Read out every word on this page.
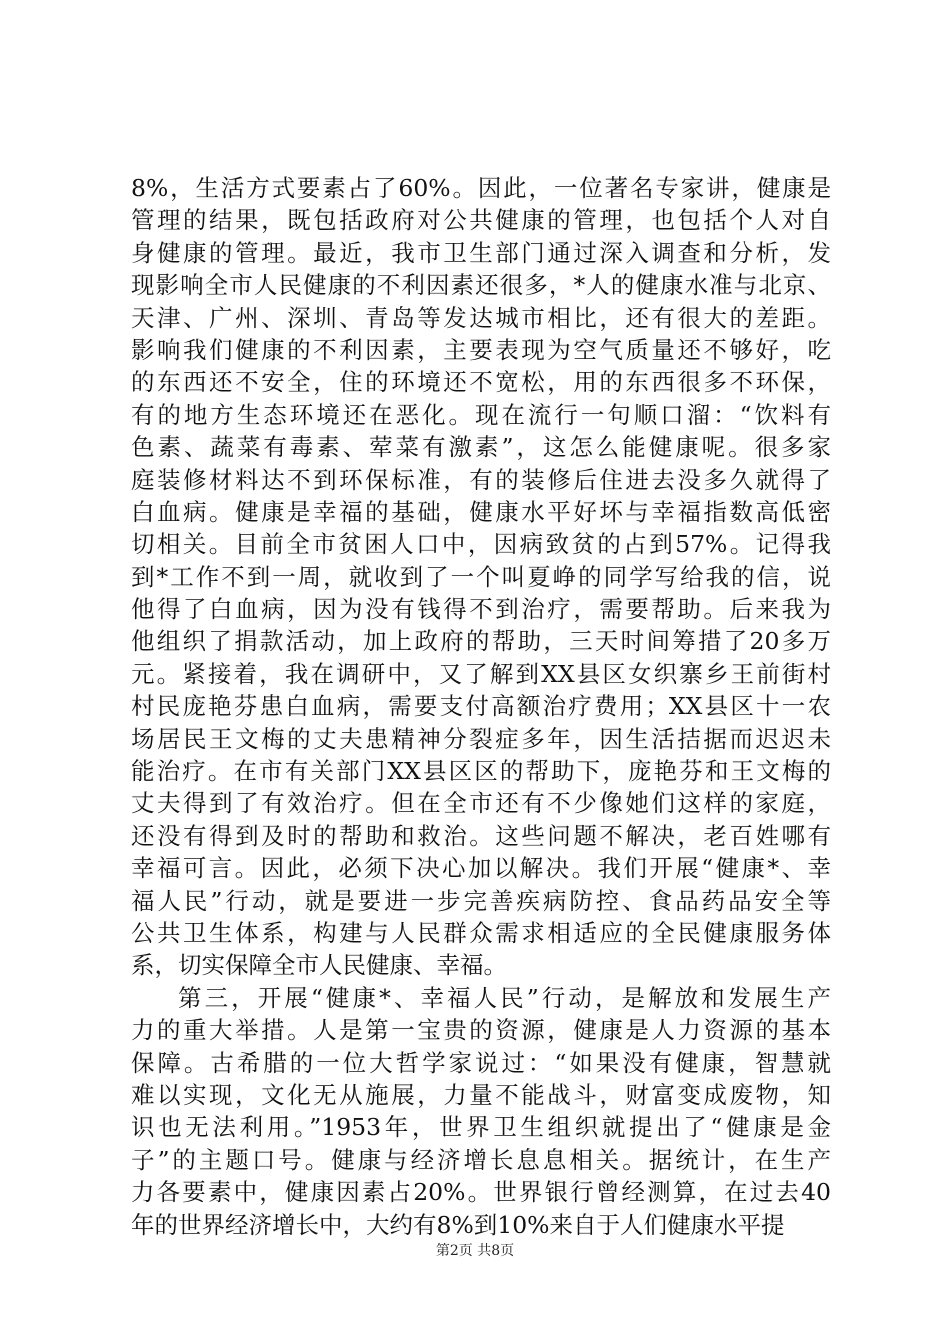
8%，生活方式要素占了60%。因此，一位著名专家讲，健康是
管理的结果，既包括政府对公共健康的管理，也包括个人对自
身健康的管理。最近，我市卫生部门通过深入调查和分析，发
现影响全市人民健康的不利因素还很多，*人的健康水准与北京、
天津、广州、深圳、青岛等发达城市相比，还有很大的差距。
影响我们健康的不利因素，主要表现为空气质量还不够好，吃
的东西还不安全，住的环境还不宽松，用的东西很多不环保，
有的地方生态环境还在恶化。现在流行一句顺口溜：“饮料有
色素、蔬菜有毒素、荤菜有激素”，这怎么能健康呢。很多家
庭装修材料达不到环保标准，有的装修后住进去没多久就得了
白血病。健康是幸福的基础，健康水平好坏与幸福指数高低密
切相关。目前全市贫困人口中，因病致贫的占到57%。记得我
到*工作不到一周，就收到了一个叫夏峥的同学写给我的信，说
他得了白血病，因为没有钱得不到治疗，需要帮助。后来我为
他组织了捐款活动，加上政府的帮助，三天时间筹措了20多万
元。紧接着，我在调研中，又了解到XX县区女织寨乡王前街村
村民庞艳芬患白血病，需要支付高额治疗费用；XX县区十一农
场居民王文梅的丈夫患精神分裂症多年，因生活拮据而迟迟未
能治疗。在市有关部门XX县区区的帮助下，庞艳芬和王文梅的
丈夫得到了有效治疗。但在全市还有不少像她们这样的家庭，
还没有得到及时的帮助和救治。这些问题不解决，老百姓哪有
幸福可言。因此，必须下决心加以解决。我们开展“健康*、幸
福人民”行动，就是要进一步完善疾病防控、食品药品安全等
公共卫生体系，构建与人民群众需求相适应的全民健康服务体
系，切实保障全市人民健康、幸福。
第三，开展“健康*、幸福人民”行动，是解放和发展生产
力的重大举措。人是第一宝贵的资源，健康是人力资源的基本
保障。古希腊的一位大哲学家说过：“如果没有健康，智慧就
难以实现，文化无从施展，力量不能战斗，财富变成废物，知
识也无法利用。”1953年，世界卫生组织就提出了“健康是金
子”的主题口号。健康与经济增长息息相关。据统计，在生产
力各要素中，健康因素占20%。世界银行曾经测算，在过去40
年的世界经济增长中，大约有8%到10%来自于人们健康水平提
第2页 共8页
